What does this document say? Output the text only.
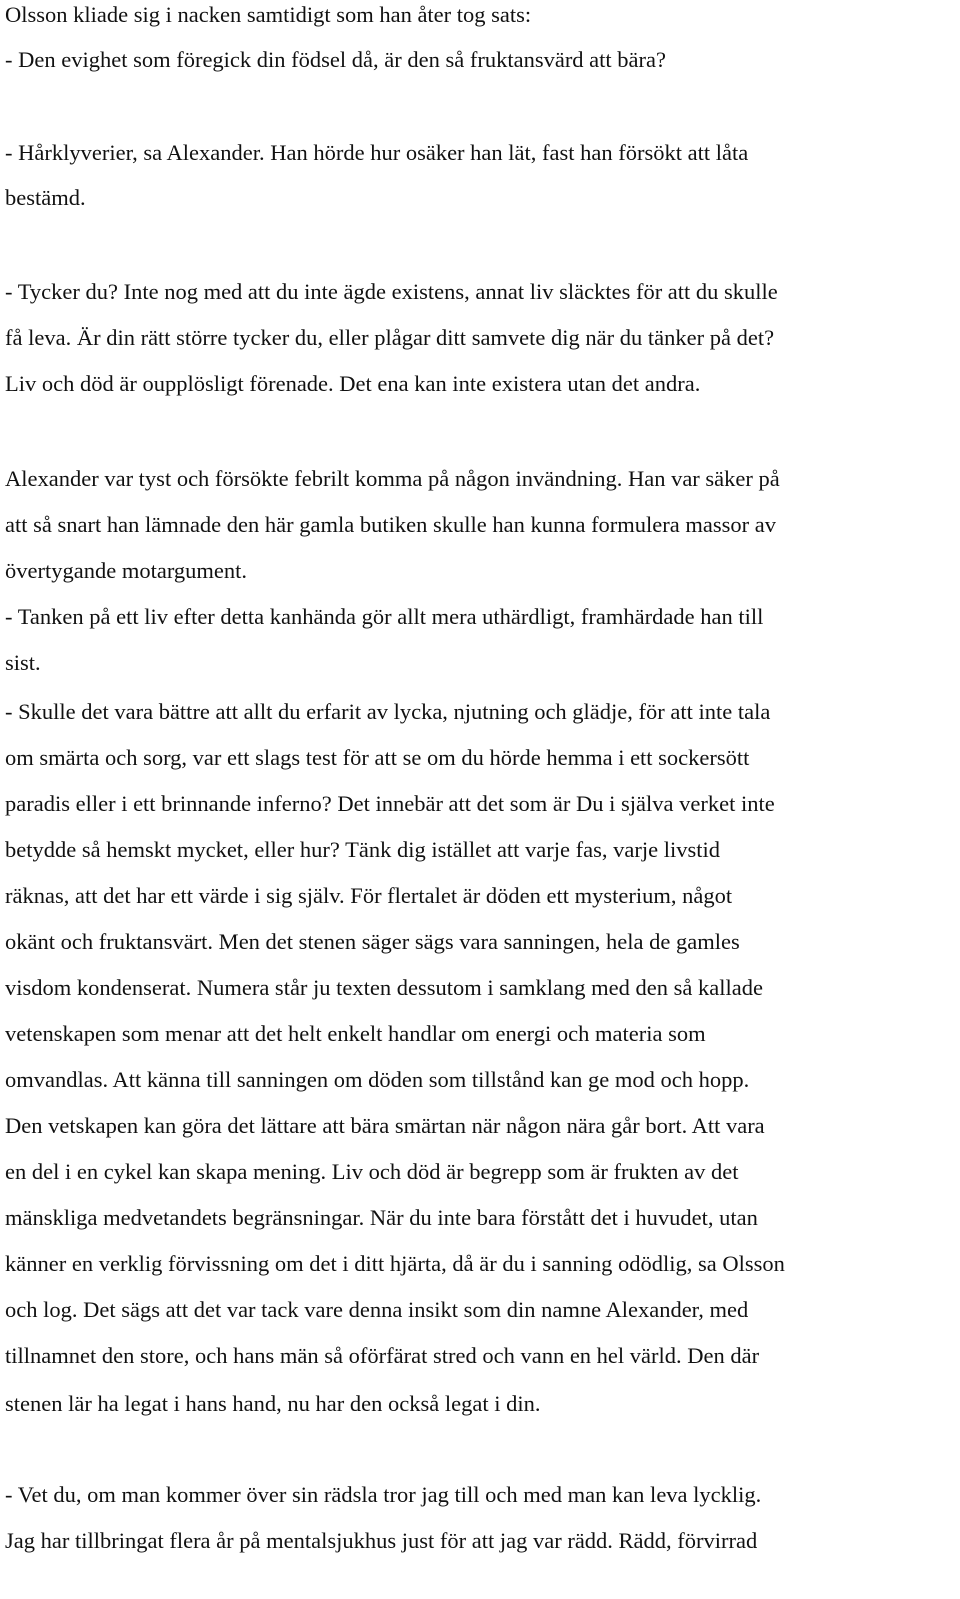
Olsson kliade sig i nacken samtidigt som han åter tog sats:
- Den evighet som föregick din födsel då, är den så fruktansvärd att bära?
- Hårklyverier, sa Alexander. Han hörde hur osäker han lät, fast han försökt att låta
bestämd.
- Tycker du? Inte nog med att du inte ägde existens, annat liv släcktes för att du skulle
få leva. Är din rätt större tycker du, eller plågar ditt samvete dig när du tänker på det?
Liv och död är oupplösligt förenade. Det ena kan inte existera utan det andra.
Alexander var tyst och försökte febrilt komma på någon invändning. Han var säker på
att så snart han lämnade den här gamla butiken skulle han kunna formulera massor av
övertygande motargument.
- Tanken på ett liv efter detta kanhända gör allt mera uthärdligt, framhärdade han till
sist.
- Skulle det vara bättre att allt du erfarit av lycka, njutning och glädje, för att inte tala
om smärta och sorg, var ett slags test för att se om du hörde hemma i ett sockersött
paradis eller i ett brinnande inferno? Det innebär att det som är Du i själva verket inte
betydde så hemskt mycket, eller hur? Tänk dig istället att varje fas, varje livstid
räknas, att det har ett värde i sig själv. För flertalet är döden ett mysterium, något
okänt och fruktansvärt. Men det stenen säger sägs vara sanningen, hela de gamles
visdom kondenserat. Numera står ju texten dessutom i samklang med den så kallade
vetenskapen som menar att det helt enkelt handlar om energi och materia som
omvandlas. Att känna till sanningen om döden som tillstånd kan ge mod och hopp.
Den vetskapen kan göra det lättare att bära smärtan när någon nära går bort. Att vara
en del i en cykel kan skapa mening. Liv och död är begrepp som är frukten av det
mänskliga medvetandets begränsningar. När du inte bara förstått det i huvudet, utan
känner en verklig förvissning om det i ditt hjärta, då är du i sanning odödlig, sa Olsson
och log. Det sägs att det var tack vare denna insikt som din namne Alexander, med
tillnamnet den store, och hans män så oförfärat stred och vann en hel värld. Den där
stenen lär ha legat i hans hand, nu har den också legat i din.
- Vet du, om man kommer över sin rädsla tror jag till och med man kan leva lycklig.
Jag har tillbringat flera år på mentalsjukhus just för att jag var rädd. Rädd, förvirrad
